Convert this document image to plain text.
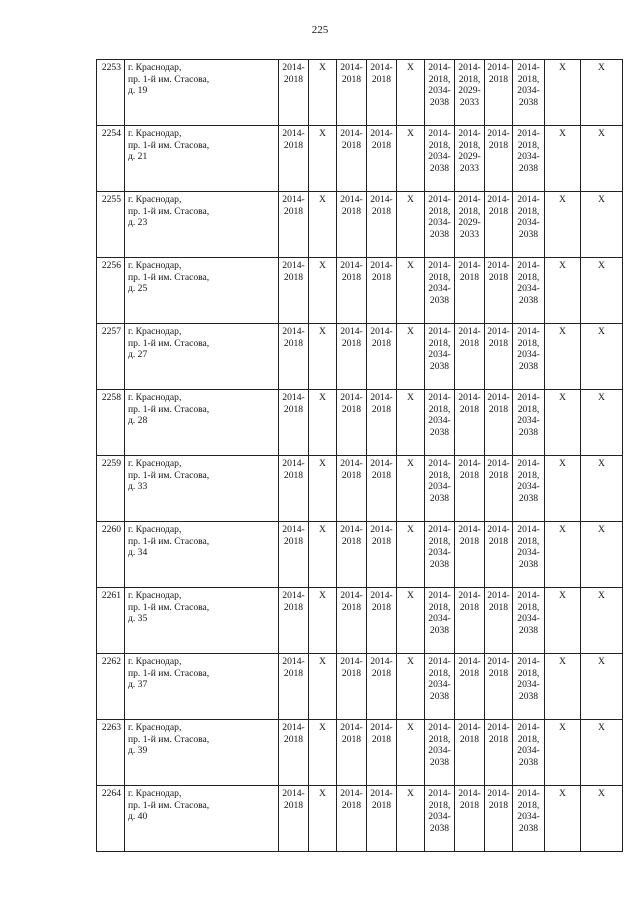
225
2253	г. Краснодар,
пр. 1-й им. Стасова,
д. 19	2014-
2018	Х	2014-
2018	2014-
2018	Х	2014-
2018,
2034-
2038	2014-
2018,
2029-
2033	2014-
2018	2014-
2018,
2034-
2038	Х	Х

2254	г. Краснодар,
пр. 1-й им. Стасова,
д. 21	2014-
2018	Х	2014-
2018	2014-
2018	Х	2014-
2018,
2034-
2038	2014-
2018,
2029-
2033	2014-
2018	2014-
2018,
2034-
2038	Х	Х

2255	г. Краснодар,
пр. 1-й им. Стасова,
д. 23	2014-
2018	Х	2014-
2018	2014-
2018	Х	2014-
2018,
2034-
2038	2014-
2018,
2029-
2033	2014-
2018	2014-
2018,
2034-
2038	Х	Х

2256	г. Краснодар,
пр. 1-й им. Стасова,
д. 25	2014-
2018	Х	2014-
2018	2014-
2018	Х	2014-
2018,
2034-
2038	2014-
2018	2014-
2018	2014-
2018,
2034-
2038	Х	Х

2257	г. Краснодар,
пр. 1-й им. Стасова,
д. 27	2014-
2018	Х	2014-
2018	2014-
2018	Х	2014-
2018,
2034-
2038	2014-
2018	2014-
2018	2014-
2018,
2034-
2038	Х	Х

2258	г. Краснодар,
пр. 1-й им. Стасова,
д. 28	2014-
2018	Х	2014-
2018	2014-
2018	Х	2014-
2018,
2034-
2038	2014-
2018	2014-
2018	2014-
2018,
2034-
2038	Х	Х

2259	г. Краснодар,
пр. 1-й им. Стасова,
д. 33	2014-
2018	Х	2014-
2018	2014-
2018	Х	2014-
2018,
2034-
2038	2014-
2018	2014-
2018	2014-
2018,
2034-
2038	Х	Х

2260	г. Краснодар,
пр. 1-й им. Стасова,
д. 34	2014-
2018	Х	2014-
2018	2014-
2018	Х	2014-
2018,
2034-
2038	2014-
2018	2014-
2018	2014-
2018,
2034-
2038	Х	Х

2261	г. Краснодар,
пр. 1-й им. Стасова,
д. 35	2014-
2018	Х	2014-
2018	2014-
2018	Х	2014-
2018,
2034-
2038	2014-
2018	2014-
2018	2014-
2018,
2034-
2038	Х	Х

2262	г. Краснодар,
пр. 1-й им. Стасова,
д. 37	2014-
2018	Х	2014-
2018	2014-
2018	Х	2014-
2018,
2034-
2038	2014-
2018	2014-
2018	2014-
2018,
2034-
2038	Х	Х

2263	г. Краснодар,
пр. 1-й им. Стасова,
д. 39	2014-
2018	Х	2014-
2018	2014-
2018	Х	2014-
2018,
2034-
2038	2014-
2018	2014-
2018	2014-
2018,
2034-
2038	Х	Х

2264	г. Краснодар,
пр. 1-й им. Стасова,
д. 40	2014-
2018	Х	2014-
2018	2014-
2018	Х	2014-
2018,
2034-
2038	2014-
2018	2014-
2018	2014-
2018,
2034-
2038	Х	Х
